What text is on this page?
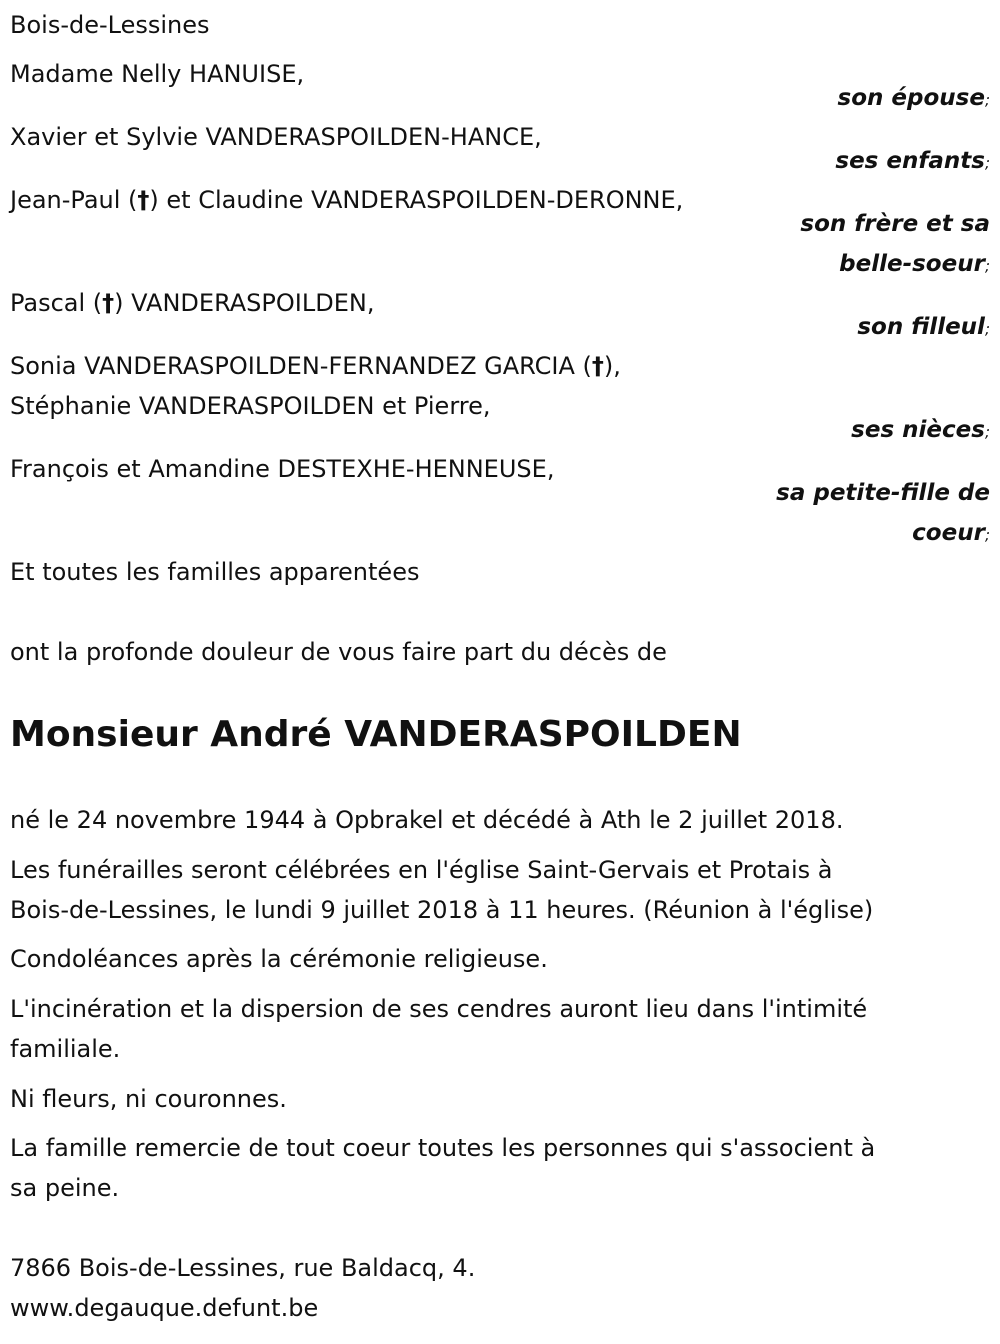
Bois-de-Lessines
Madame Nelly HANUISE,
son épouse;
Xavier et Sylvie VANDERASPOILDEN-HANCE,
ses enfants;
Jean-Paul (†) et Claudine VANDERASPOILDEN-DERONNE,
son frère et sa
belle-soeur;
Pascal (†) VANDERASPOILDEN,
son filleul;
Sonia VANDERASPOILDEN-FERNANDEZ GARCIA (†),
Stéphanie VANDERASPOILDEN et Pierre,
ses nièces;
François et Amandine DESTEXHE-HENNEUSE,
sa petite-fille de
coeur;
Et toutes les familles apparentées
ont la profonde douleur de vous faire part du décès de
Monsieur André VANDERASPOILDEN
né le 24 novembre 1944 à Opbrakel et décédé à Ath le 2 juillet 2018.
Les funérailles seront célébrées en l'église Saint-Gervais et Protais à
Bois-de-Lessines, le lundi 9 juillet 2018 à 11 heures. (Réunion à l'église)
Condoléances après la cérémonie religieuse.
L'incinération et la dispersion de ses cendres auront lieu dans l'intimité
familiale.
Ni fleurs, ni couronnes.
La famille remercie de tout coeur toutes les personnes qui s'associent à
sa peine.
7866 Bois-de-Lessines, rue Baldacq, 4.
www.degauque.defunt.be
